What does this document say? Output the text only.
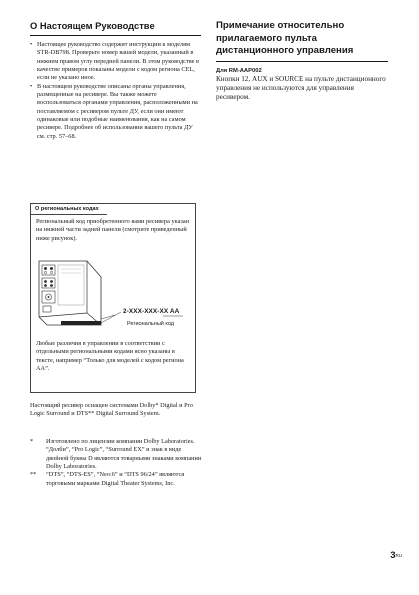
О Настоящем Руководстве
• Настоящее руководство содержит инструкции к моделям STR-DB798. Проверьте номер вашей модели, указанный в нижнем правом углу передней панели. В этом руководстве в качестве примеров показаны модели с кодом региона CEL, если не указано иное.
• В настоящем руководстве описаны органы управления, размещенные на ресивере. Вы также можете воспользоваться органами управления, расположенными на поставляемом с ресивером пульте ДУ, если они имеют одинаковые или подобные наименования, как на самом ресивере. Подробнее об использовании вашего пульта ДУ см. стр. 57–68.
О региональных кодах
Региональный код приобретенного вами ресивера указан на нижней части задней панели (смотрите приведенный ниже рисунок).
2-XXX-XXX-XX AA
Региональный код
Любые различия в управлении в соответствии с отдельными региональными кодами ясно указаны в тексте, например “Только для моделей с кодом региона AA”.
Настоящий ресивер оснащен системами Dolby* Digital и Pro Logic Surround и DTS** Digital Surround System.
* Изготовлено по лицензии компании Dolby Laboratories. “Долби”, “Pro Logic”, “Surround EX” и знак в виде двойной буквы D являются товарными знаками компании Dolby Laboratories.
** “DTS”, “DTS-ES”, “Neo:6” и “DTS 96/24” являются торговыми марками Digital Theater Systems, Inc.
Примечание относительно прилагаемого пульта дистанционного управления
Для RM-AAP002
Кнопки 12, AUX и SOURCE на пульте дистанционного управления не используются для управления ресивером.
$3^{RU}$
